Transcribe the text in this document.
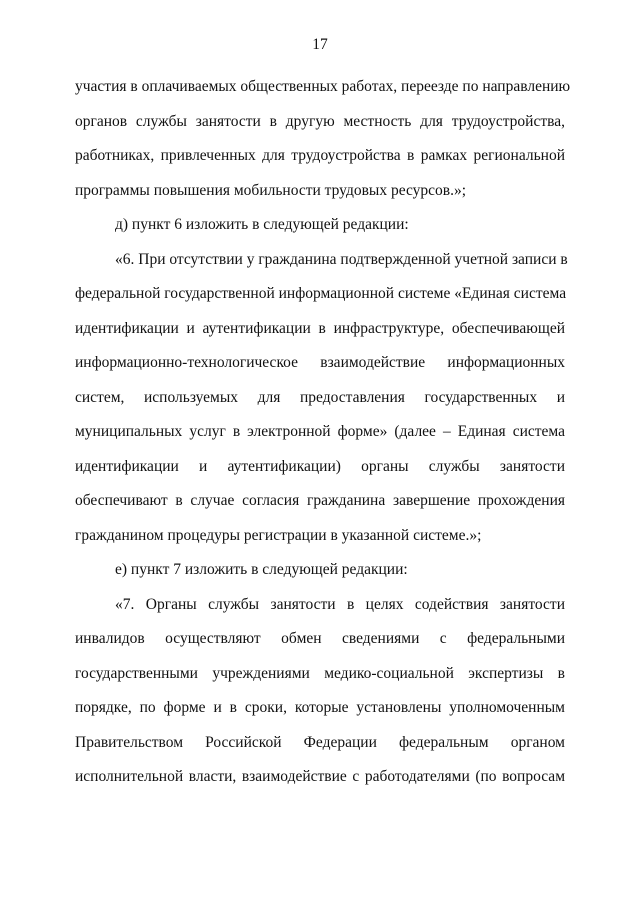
17
участия в оплачиваемых общественных работах, переезде по направлению
органов службы занятости в другую местность для трудоустройства,
работниках, привлеченных для трудоустройства в рамках региональной
программы повышения мобильности трудовых ресурсов.»;
д) пункт 6 изложить в следующей редакции:
«6. При отсутствии у гражданина подтвержденной учетной записи в
федеральной государственной информационной системе «Единая система
идентификации и аутентификации в инфраструктуре, обеспечивающей
информационно-технологическое взаимодействие информационных
систем, используемых для предоставления государственных и
муниципальных услуг в электронной форме» (далее – Единая система
идентификации и аутентификации) органы службы занятости
обеспечивают в случае согласия гражданина завершение прохождения
гражданином процедуры регистрации в указанной системе.»;
е) пункт 7 изложить в следующей редакции:
«7. Органы службы занятости в целях содействия занятости
инвалидов осуществляют обмен сведениями с федеральными
государственными учреждениями медико-социальной экспертизы в
порядке, по форме и в сроки, которые установлены уполномоченным
Правительством Российской Федерации федеральным органом
исполнительной власти, взаимодействие с работодателями (по вопросам
